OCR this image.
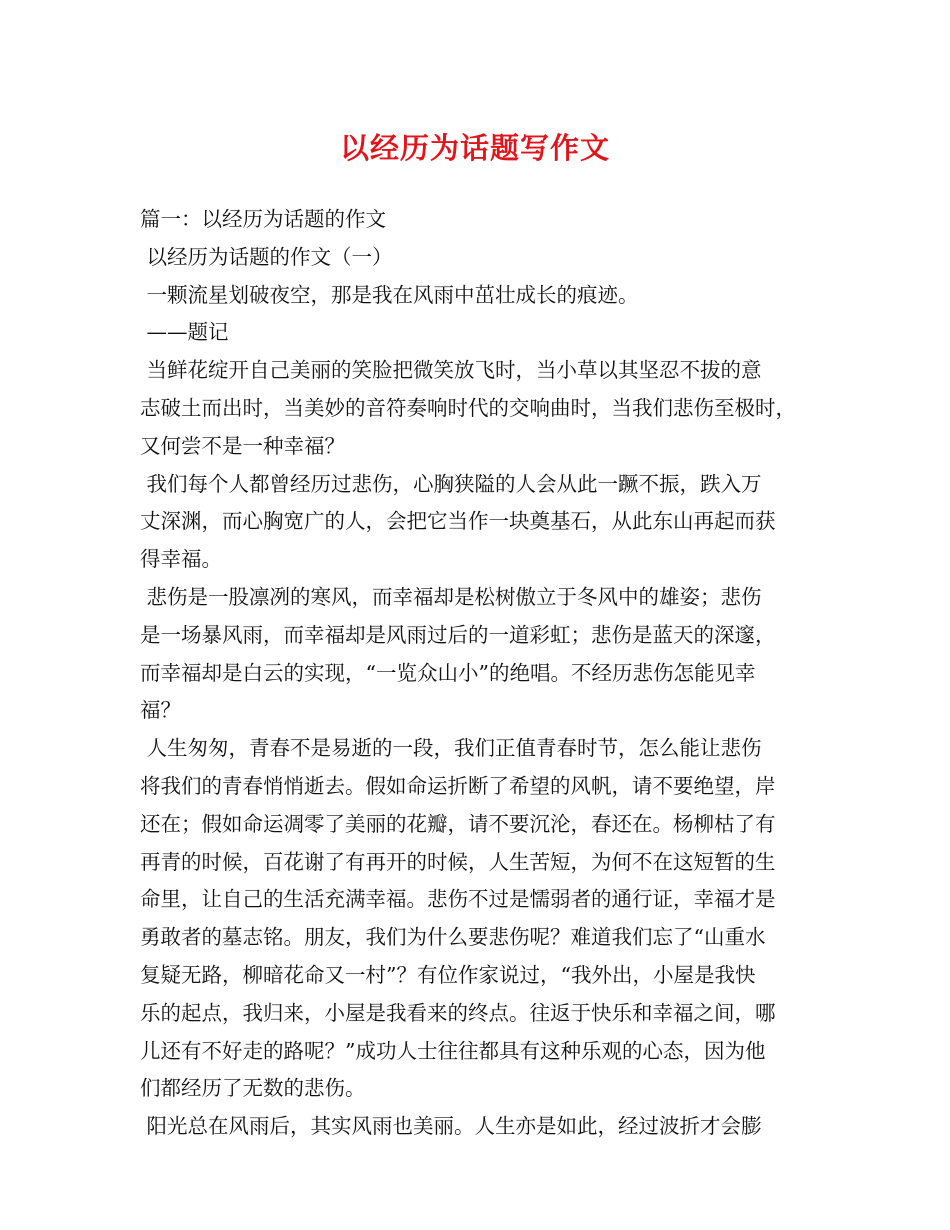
以经历为话题写作文
篇一：以经历为话题的作文
以经历为话题的作文（一）
一颗流星划破夜空，那是我在风雨中茁壮成长的痕迹。
——题记
当鲜花绽开自己美丽的笑脸把微笑放飞时，当小草以其坚忍不拔的意
志破土而出时，当美妙的音符奏响时代的交响曲时，当我们悲伤至极时，
又何尝不是一种幸福？
我们每个人都曾经历过悲伤，心胸狭隘的人会从此一蹶不振，跌入万
丈深渊，而心胸宽广的人，会把它当作一块奠基石，从此东山再起而获
得幸福。
悲伤是一股凛冽的寒风，而幸福却是松树傲立于冬风中的雄姿；悲伤
是一场暴风雨，而幸福却是风雨过后的一道彩虹；悲伤是蓝天的深邃，
而幸福却是白云的实现，“一览众山小”的绝唱。不经历悲伤怎能见幸
福？
人生匆匆，青春不是易逝的一段，我们正值青春时节，怎么能让悲伤
将我们的青春悄悄逝去。假如命运折断了希望的风帆，请不要绝望，岸
还在；假如命运凋零了美丽的花瓣，请不要沉沦，春还在。杨柳枯了有
再青的时候，百花谢了有再开的时候，人生苦短，为何不在这短暂的生
命里，让自己的生活充满幸福。悲伤不过是懦弱者的通行证，幸福才是
勇敢者的墓志铭。朋友，我们为什么要悲伤呢？难道我们忘了“山重水
复疑无路，柳暗花命又一村”？有位作家说过，“我外出，小屋是我快
乐的起点，我归来，小屋是我看来的终点。往返于快乐和幸福之间，哪
儿还有不好走的路呢？”成功人士往往都具有这种乐观的心态，因为他
们都经历了无数的悲伤。
阳光总在风雨后，其实风雨也美丽。人生亦是如此，经过波折才会膨
